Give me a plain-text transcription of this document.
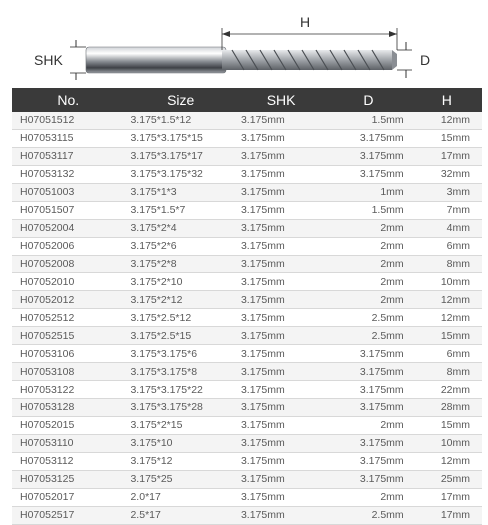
SHK
H
D
No.	Size	SHK	D	H
H07051512	3.175*1.5*12	3.175mm	1.5mm	12mm
H07053115	3.175*3.175*15	3.175mm	3.175mm	15mm
H07053117	3.175*3.175*17	3.175mm	3.175mm	17mm
H07053132	3.175*3.175*32	3.175mm	3.175mm	32mm
H07051003	3.175*1*3	3.175mm	1mm	3mm
H07051507	3.175*1.5*7	3.175mm	1.5mm	7mm
H07052004	3.175*2*4	3.175mm	2mm	4mm
H07052006	3.175*2*6	3.175mm	2mm	6mm
H07052008	3.175*2*8	3.175mm	2mm	8mm
H07052010	3.175*2*10	3.175mm	2mm	10mm
H07052012	3.175*2*12	3.175mm	2mm	12mm
H07052512	3.175*2.5*12	3.175mm	2.5mm	12mm
H07052515	3.175*2.5*15	3.175mm	2.5mm	15mm
H07053106	3.175*3.175*6	3.175mm	3.175mm	6mm
H07053108	3.175*3.175*8	3.175mm	3.175mm	8mm
H07053122	3.175*3.175*22	3.175mm	3.175mm	22mm
H07053128	3.175*3.175*28	3.175mm	3.175mm	28mm
H07052015	3.175*2*15	3.175mm	2mm	15mm
H07053110	3.175*10	3.175mm	3.175mm	10mm
H07053112	3.175*12	3.175mm	3.175mm	12mm
H07053125	3.175*25	3.175mm	3.175mm	25mm
H07052017	2.0*17	3.175mm	2mm	17mm
H07052517	2.5*17	3.175mm	2.5mm	17mm
